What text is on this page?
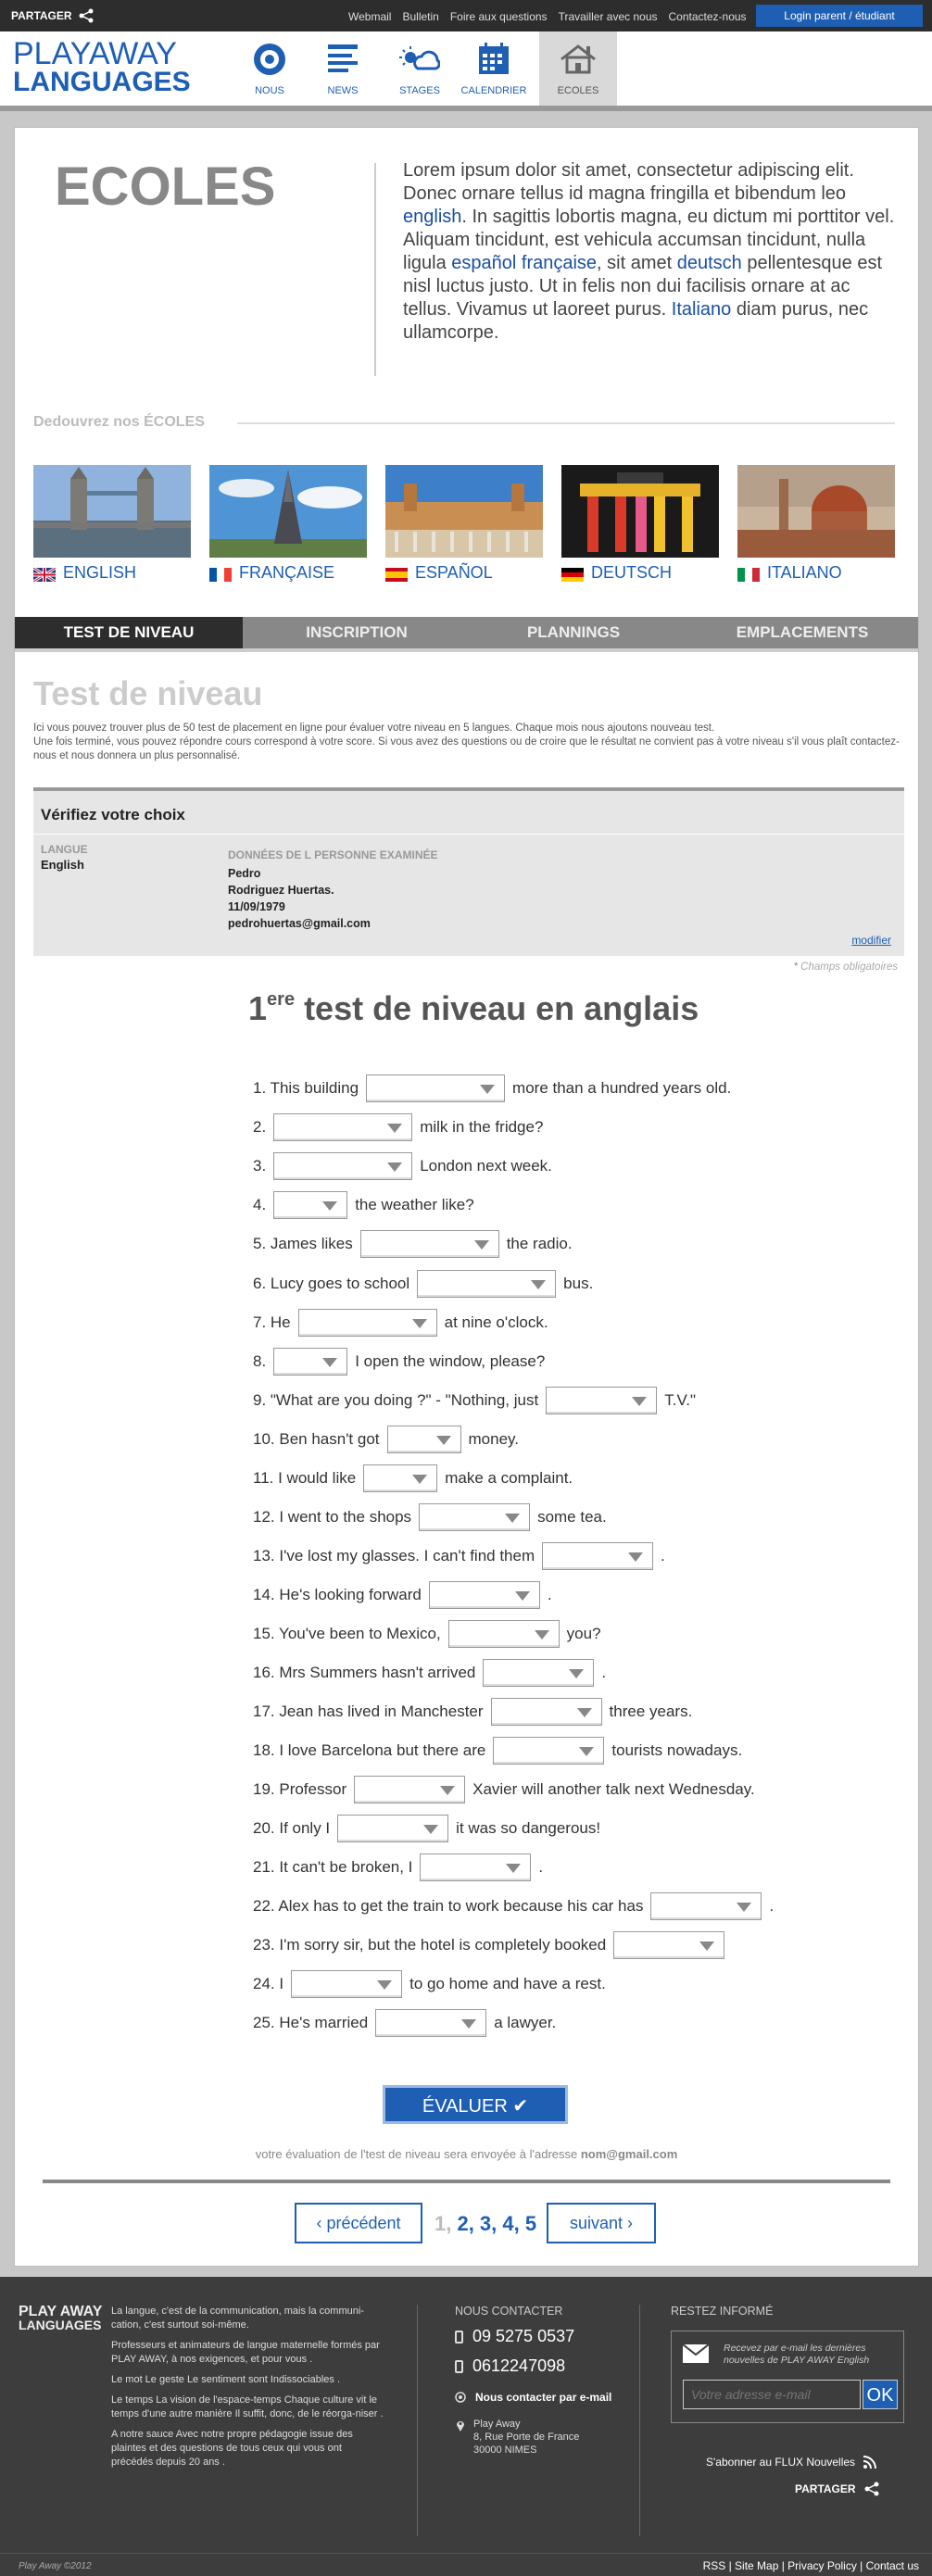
PARTAGER	Webmail Bulletin Foire aux questions Travailler avec nous Contactez-nous	Login parent / étudiant
PLAYAWAY
LANGUAGES	NOUS	NEWS	STAGES	CALENDRIER	ECOLES
ECOLES	Lorem ipsum dolor sit amet, consectetur adipiscing elit. Donec ornare tellus id magna fringilla et bibendum leo english. In sagittis lobortis magna, eu dictum mi porttitor vel. Aliquam tincidunt, est vehicula accumsan tincidunt, nulla ligula español française, sit amet deutsch pellentesque est nisl luctus justo. Ut in felis non dui facilisis ornare at ac tellus. Vivamus ut laoreet purus. Italiano diam purus, nec ullamcorpe.
Dedouvrez nos ÉCOLES
ENGLISH	FRANÇAISE	ESPAÑOL	DEUTSCH	ITALIANO
TEST DE NIVEAU	INSCRIPTION	PLANNINGS	EMPLACEMENTS
Test de niveau
Ici vous pouvez trouver plus de 50 test de placement en ligne pour évaluer votre niveau en 5 langues. Chaque mois nous ajoutons nouveau test.
Une fois terminé, vous pouvez répondre cours correspond à votre score. Si vous avez des questions ou de croire que le résultat ne convient pas à votre niveau s'il vous plaît contactez-nous et nous donnera un plus personnalisé.
Vérifiez votre choix
LANGUE
English
DONNÉES DE L PERSONNE EXAMINÉE
Pedro
Rodriguez Huertas.
11/09/1979
pedrohuertas@gmail.com
modifier
* Champs obligatoires
1ere test de niveau en anglais
1. This building	more than a hundred years old.
2.	milk in the fridge?
3.	London next week.
4.	the weather like?
5. James likes	the radio.
6. Lucy goes to school	bus.
7. He	at nine o'clock.
8.	I open the window, please?
9. "What are you doing ?" - "Nothing, just	T.V."
10. Ben hasn't got	money.
11. I would like	make a complaint.
12. I went to the shops	some tea.
13. I've lost my glasses. I can't find them	.
14. He's looking forward	.
15. You've been to Mexico,	you?
16. Mrs Summers hasn't arrived	.
17. Jean has lived in Manchester	three years.
18. I love Barcelona but there are	tourists nowadays.
19. Professor	Xavier will another talk next Wednesday.
20. If only I	it was so dangerous!
21. It can't be broken, I	.
22. Alex has to get the train to work because his car has	.
23. I'm sorry sir, but the hotel is completely booked
24. I	to go home and have a rest.
25. He's married	a lawyer.
ÉVALUER ✔
votre évaluation de l'test de niveau sera envoyée à l'adresse nom@gmail.com
‹ précédent	1, 2, 3, 4, 5	suivant ›
PLAY AWAY
LANGUAGES

La langue, c'est de la communication, mais la communi-cation, c'est surtout soi-même.

Professeurs et animateurs de langue maternelle formés par PLAY AWAY, à nos exigences, et pour vous .

Le mot Le geste Le sentiment sont Indissociables .

Le temps La vision de l'espace-temps Chaque culture vit le temps d'une autre manière Il suffit, donc, de le réorga-niser .

A notre sauce Avec notre propre pédagogie issue des plaintes et des questions de tous ceux qui vous ont précédés depuis 20 ans .

NOUS CONTACTER
09 5275 0537
0612247098
Nous contacter par e-mail
Play Away
8, Rue Porte de France
30000 NIMES
RESTEZ INFORMÉ
Recevez par e-mail les dernières nouvelles de PLAY AWAY English
Votre adresse e-mail
OK
S'abonner au FLUX Nouvelles
PARTAGER
Play Away ©2012	RSS | Site Map | Privacy Policy | Contact us
